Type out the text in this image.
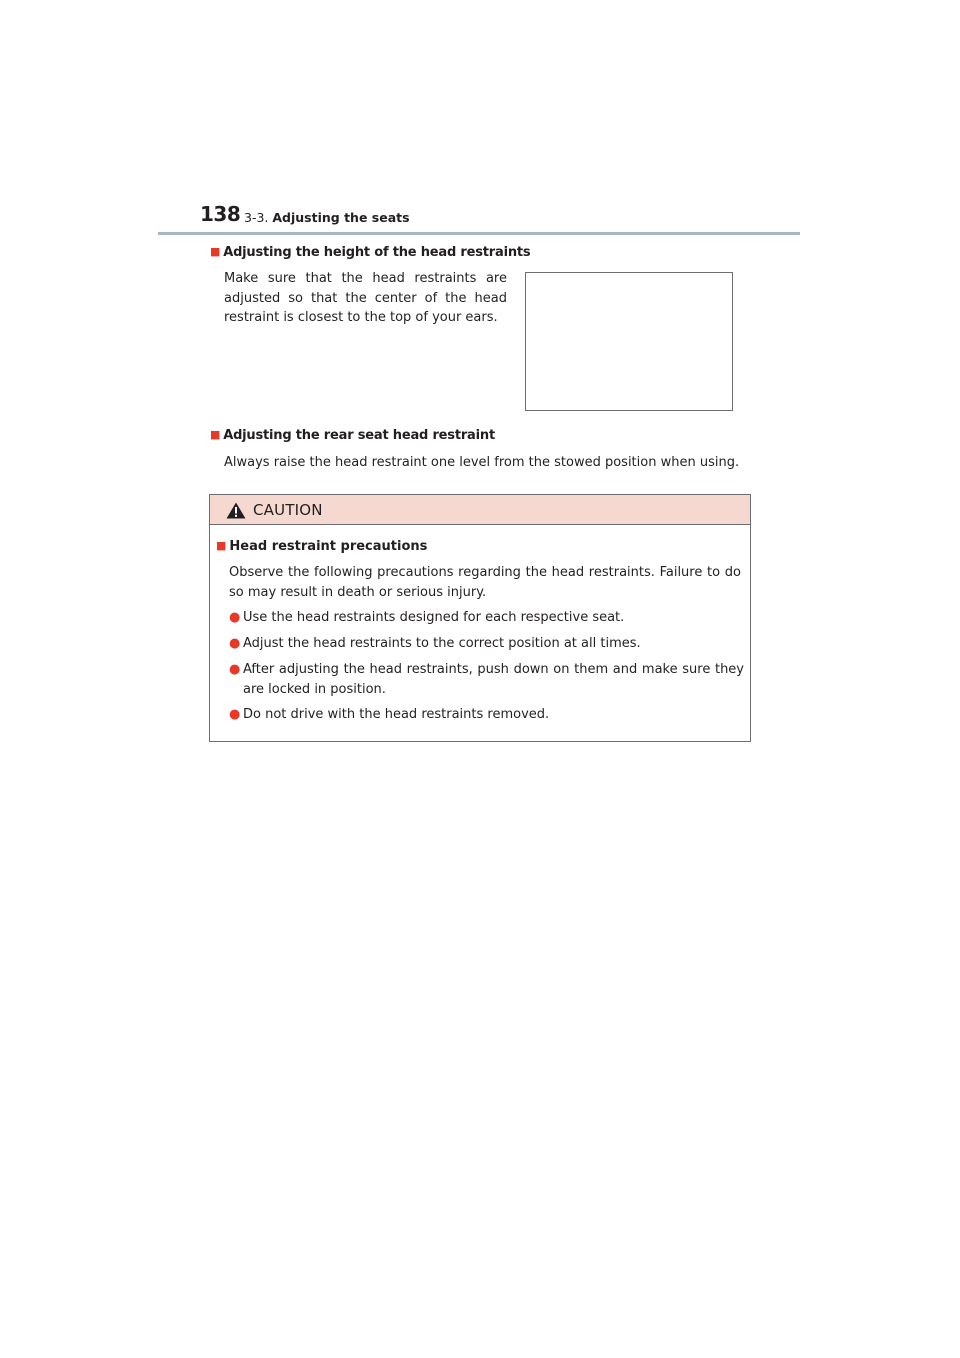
138 3-3. Adjusting the seats
■ Adjusting the height of the head restraints
Make sure that the head restraints are adjusted so that the center of the head restraint is closest to the top of your ears.
■ Adjusting the rear seat head restraint
Always raise the head restraint one level from the stowed position when using.
CAUTION
■ Head restraint precautions
Observe the following precautions regarding the head restraints. Failure to do so may result in death or serious injury.
● Use the head restraints designed for each respective seat.
● Adjust the head restraints to the correct position at all times.
● After adjusting the head restraints, push down on them and make sure they are locked in position.
● Do not drive with the head restraints removed.
